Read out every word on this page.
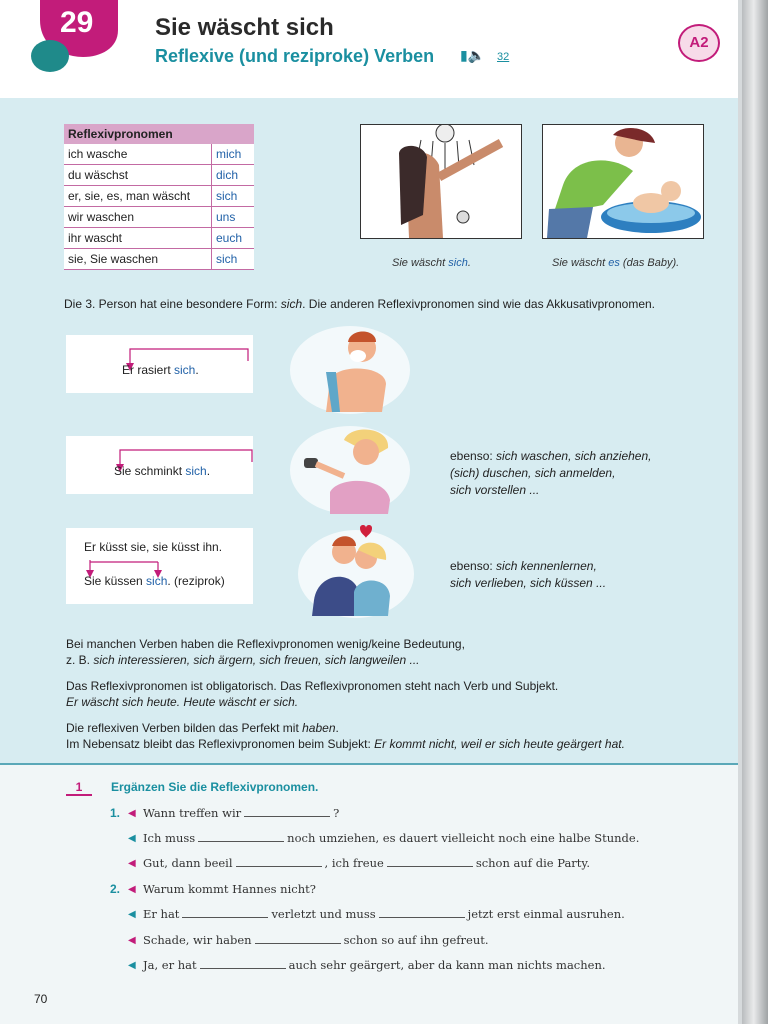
29	Sie wäscht sich
Reflexive (und reziproke) Verben ▮🔈 32
A2
Reflexivpronomen	
ich wasche	mich
du wäschst	dich
er, sie, es, man wäscht	sich
wir waschen	uns
ihr wascht	euch
sie, Sie waschen	sich	Sie wäscht sich.	Sie wäscht es (das Baby).
Die 3. Person hat eine besondere Form: sich. Die anderen Reflexivpronomen sind wie das Akkusativpronomen.
Er rasiert sich.
Sie schminkt sich.
ebenso: sich waschen, sich anziehen,
(sich) duschen, sich anmelden,
sich vorstellen ...
Er küsst sie, sie küsst ihn.
Sie küssen sich. (reziprok)
ebenso: sich kennenlernen,
sich verlieben, sich küssen ...
Bei manchen Verben haben die Reflexivpronomen wenig/keine Bedeutung,
z. B. sich interessieren, sich ärgern, sich freuen, sich langweilen ...
Das Reflexivpronomen ist obligatorisch. Das Reflexivpronomen steht nach Verb und Subjekt.
Er wäscht sich heute. Heute wäscht er sich.
Die reflexiven Verben bilden das Perfekt mit haben.
Im Nebensatz bleibt das Reflexivpronomen beim Subjekt: Er kommt nicht, weil er sich heute geärgert hat.
1	Ergänzen Sie die Reflexivpronomen.
1. ◀ Wann treffen wir	?
◀ Ich muss	noch umziehen, es dauert vielleicht noch eine halbe Stunde.
◀ Gut, dann beeil	, ich freue	schon auf die Party.
2. ◀ Warum kommt Hannes nicht?
◀ Er hat	verletzt und muss	jetzt erst einmal ausruhen.
◀ Schade, wir haben	schon so auf ihn gefreut.
◀ Ja, er hat	auch sehr geärgert, aber da kann man nichts machen.
70
